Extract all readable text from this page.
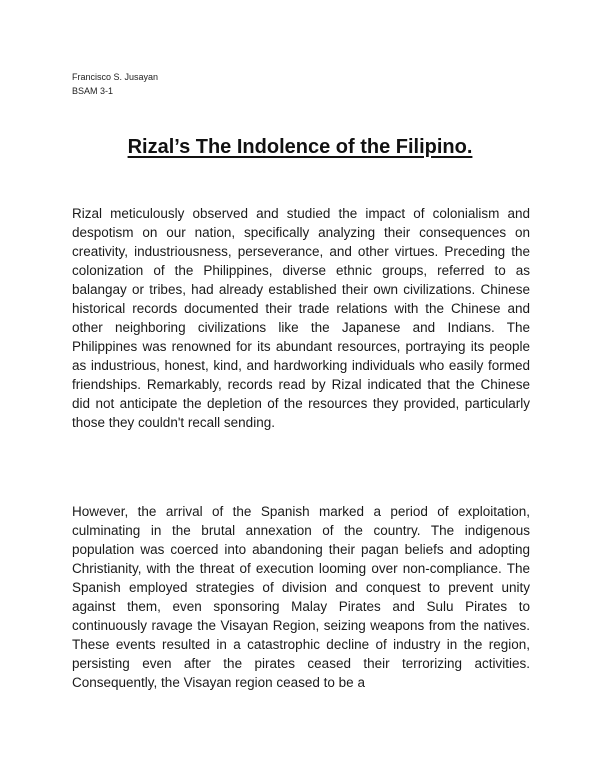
Francisco S. Jusayan
BSAM 3-1
Rizal’s The Indolence of the Filipino.

Rizal meticulously observed and studied the impact of colonialism and despotism on our nation, specifically analyzing their consequences on creativity, industriousness, perseverance, and other virtues. Preceding the colonization of the Philippines, diverse ethnic groups, referred to as balangay or tribes, had already established their own civilizations. Chinese historical records documented their trade relations with the Chinese and other neighboring civilizations like the Japanese and Indians. The Philippines was renowned for its abundant resources, portraying its people as industrious, honest, kind, and hardworking individuals who easily formed friendships. Remarkably, records read by Rizal indicated that the Chinese did not anticipate the depletion of the resources they provided, particularly those they couldn't recall sending.

However, the arrival of the Spanish marked a period of exploitation, culminating in the brutal annexation of the country. The indigenous population was coerced into abandoning their pagan beliefs and adopting Christianity, with the threat of execution looming over non-compliance. The Spanish employed strategies of division and conquest to prevent unity against them, even sponsoring Malay Pirates and Sulu Pirates to continuously ravage the Visayan Region, seizing weapons from the natives. These events resulted in a catastrophic decline of industry in the region, persisting even after the pirates ceased their terrorizing activities. Consequently, the Visayan region ceased to be a
